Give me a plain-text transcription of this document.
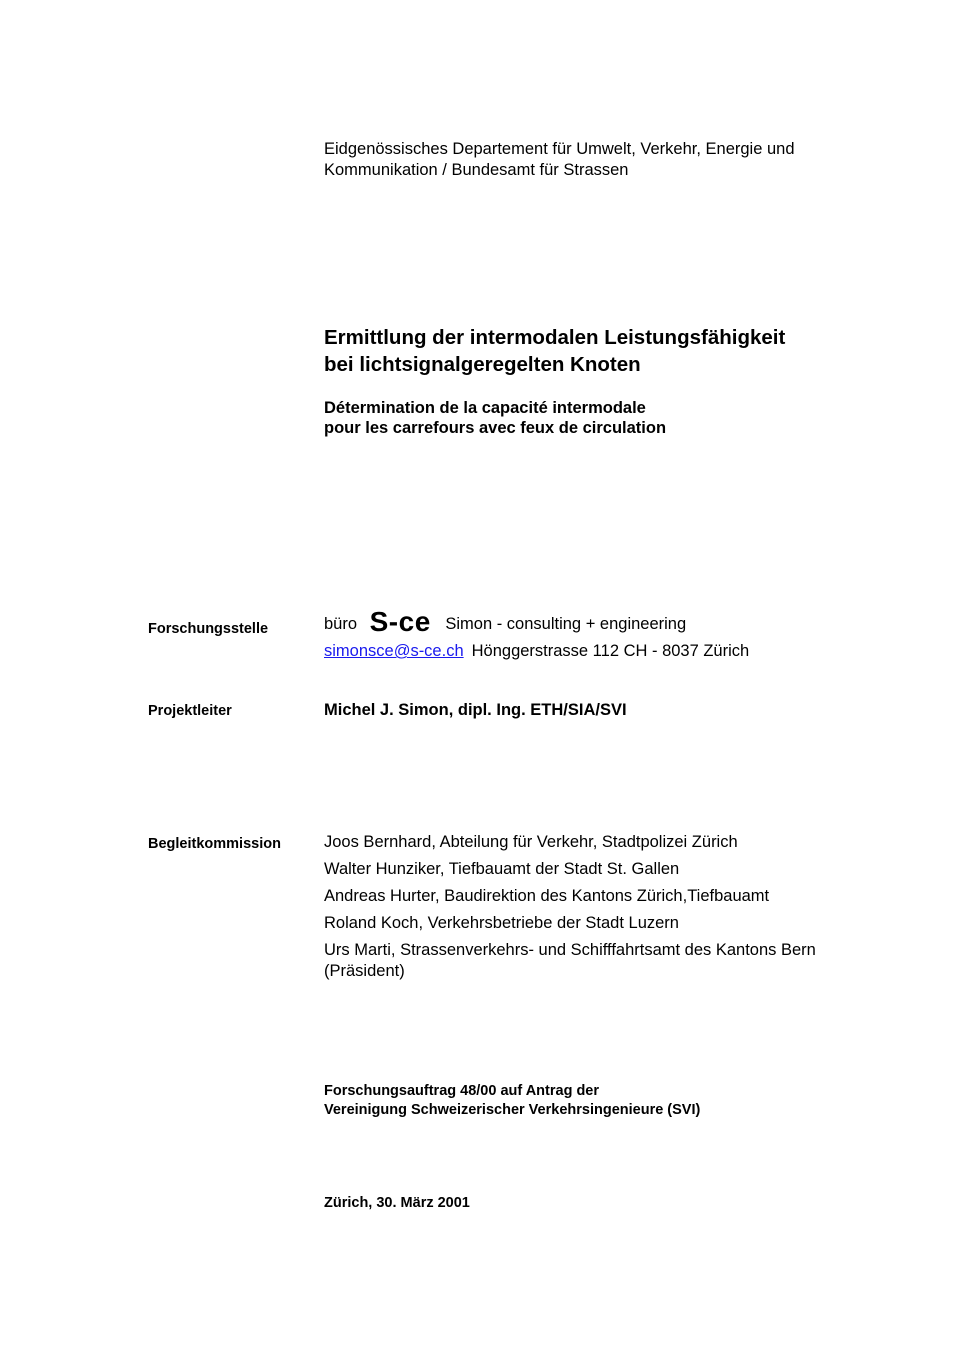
Eidgenössisches Departement für Umwelt, Verkehr, Energie und
Kommunikation / Bundesamt für Strassen
Ermittlung der intermodalen Leistungsfähigkeit
bei lichtsignalgeregelten Knoten
Détermination de la capacité intermodale
pour les carrefours avec feux de circulation
Forschungsstelle	büro S-ce Simon - consulting + engineering
simonsce@s-ce.ch Hönggerstrasse 112 CH - 8037 Zürich
Projektleiter	Michel J. Simon, dipl. Ing. ETH/SIA/SVI
Begleitkommission	Joos Bernhard, Abteilung für Verkehr, Stadtpolizei Zürich
Walter Hunziker, Tiefbauamt der Stadt St. Gallen
Andreas Hurter, Baudirektion des Kantons Zürich,Tiefbauamt
Roland Koch, Verkehrsbetriebe der Stadt Luzern
Urs Marti, Strassenverkehrs- und Schifffahrtsamt des Kantons Bern (Präsident)
Forschungsauftrag 48/00 auf Antrag der
Vereinigung Schweizerischer Verkehrsingenieure (SVI)
Zürich, 30. März 2001
